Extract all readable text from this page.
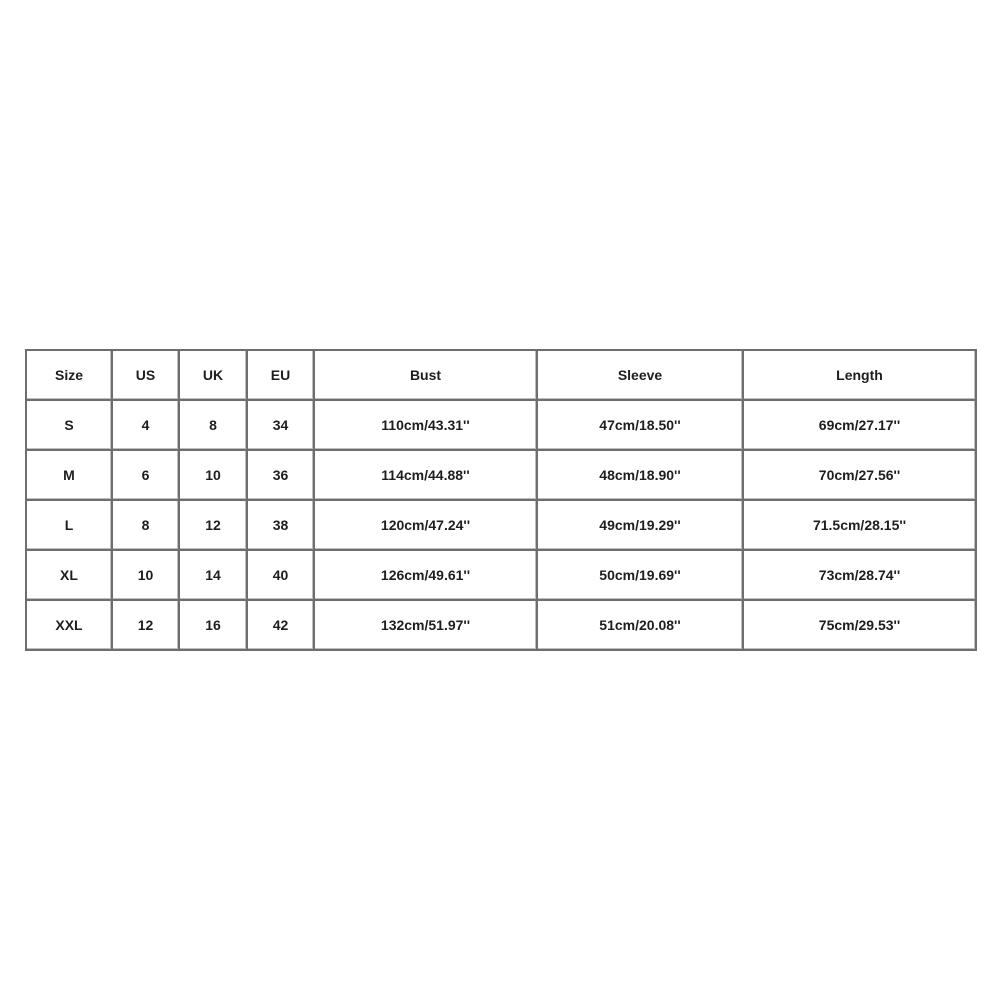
Size	US	UK	EU	Bust	Sleeve	Length
S	4	8	34	110cm/43.31''	47cm/18.50''	69cm/27.17''
M	6	10	36	114cm/44.88''	48cm/18.90''	70cm/27.56''
L	8	12	38	120cm/47.24''	49cm/19.29''	71.5cm/28.15''
XL	10	14	40	126cm/49.61''	50cm/19.69''	73cm/28.74''
XXL	12	16	42	132cm/51.97''	51cm/20.08''	75cm/29.53''
